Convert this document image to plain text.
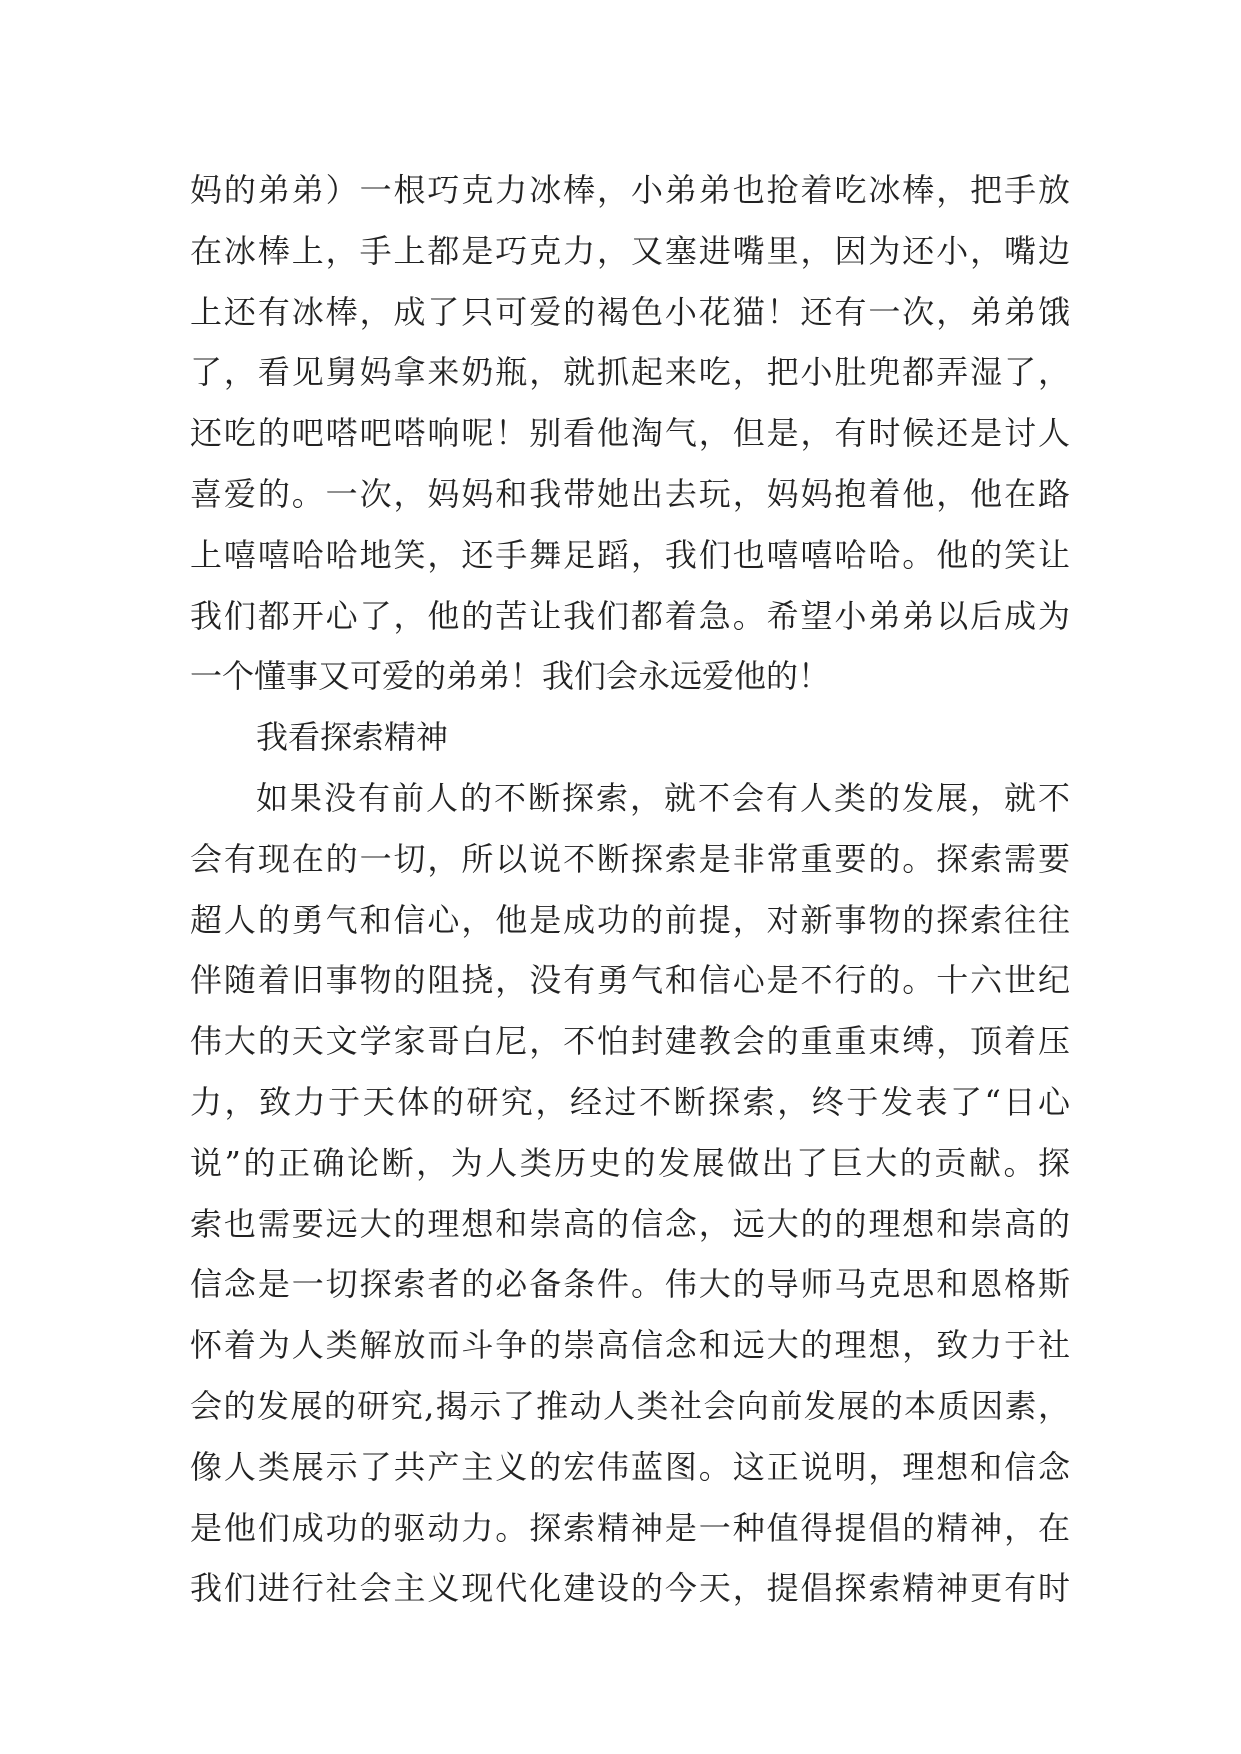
妈的弟弟）一根巧克力冰棒，小弟弟也抢着吃冰棒，把手放
在冰棒上，手上都是巧克力，又塞进嘴里，因为还小，嘴边
上还有冰棒，成了只可爱的褐色小花猫！还有一次，弟弟饿
了，看见舅妈拿来奶瓶，就抓起来吃，把小肚兜都弄湿了，
还吃的吧嗒吧嗒响呢！别看他淘气，但是，有时候还是讨人
喜爱的。一次，妈妈和我带她出去玩，妈妈抱着他，他在路
上嘻嘻哈哈地笑，还手舞足蹈，我们也嘻嘻哈哈。他的笑让
我们都开心了，他的苦让我们都着急。希望小弟弟以后成为
一个懂事又可爱的弟弟！我们会永远爱他的！
我看探索精神
如果没有前人的不断探索，就不会有人类的发展，就不
会有现在的一切，所以说不断探索是非常重要的。探索需要
超人的勇气和信心，他是成功的前提，对新事物的探索往往
伴随着旧事物的阻挠，没有勇气和信心是不行的。十六世纪
伟大的天文学家哥白尼，不怕封建教会的重重束缚，顶着压
力，致力于天体的研究，经过不断探索，终于发表了“日心
说”的正确论断，为人类历史的发展做出了巨大的贡献。探
索也需要远大的理想和崇高的信念，远大的的理想和崇高的
信念是一切探索者的必备条件。伟大的导师马克思和恩格斯
怀着为人类解放而斗争的崇高信念和远大的理想，致力于社
会的发展的研究,揭示了推动人类社会向前发展的本质因素，
像人类展示了共产主义的宏伟蓝图。这正说明，理想和信念
是他们成功的驱动力。探索精神是一种值得提倡的精神，在
我们进行社会主义现代化建设的今天，提倡探索精神更有时
